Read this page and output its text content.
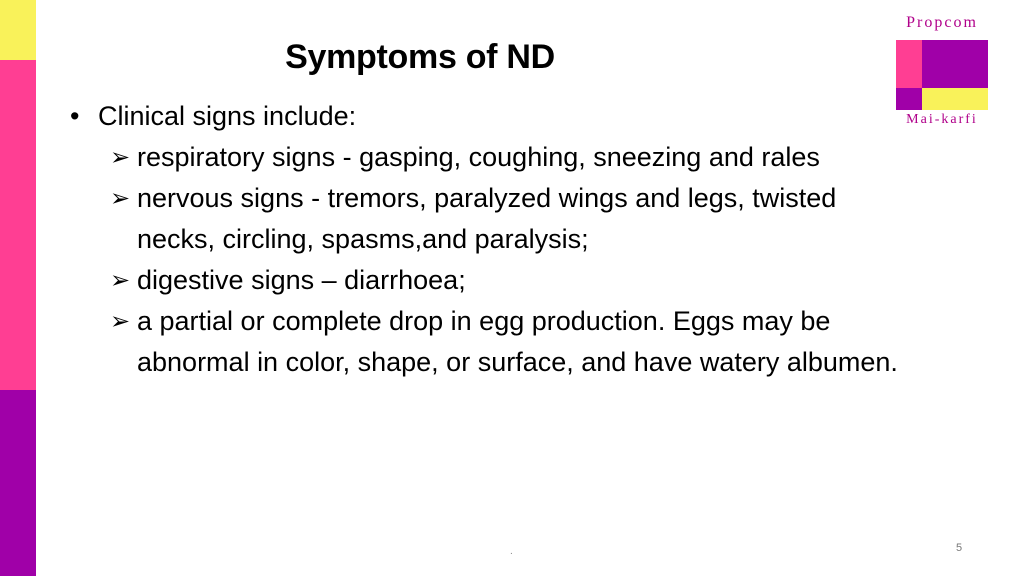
Symptoms of ND
Propcom
Mai-karfi
• Clinical signs include:
➢ respiratory signs - gasping, coughing, sneezing and rales
➢ nervous signs - tremors, paralyzed wings and legs, twisted necks, circling, spasms,and paralysis;
➢ digestive signs – diarrhoea;
➢ a partial or complete drop in egg production. Eggs may be abnormal in color, shape, or surface, and have watery albumen.
.	5
